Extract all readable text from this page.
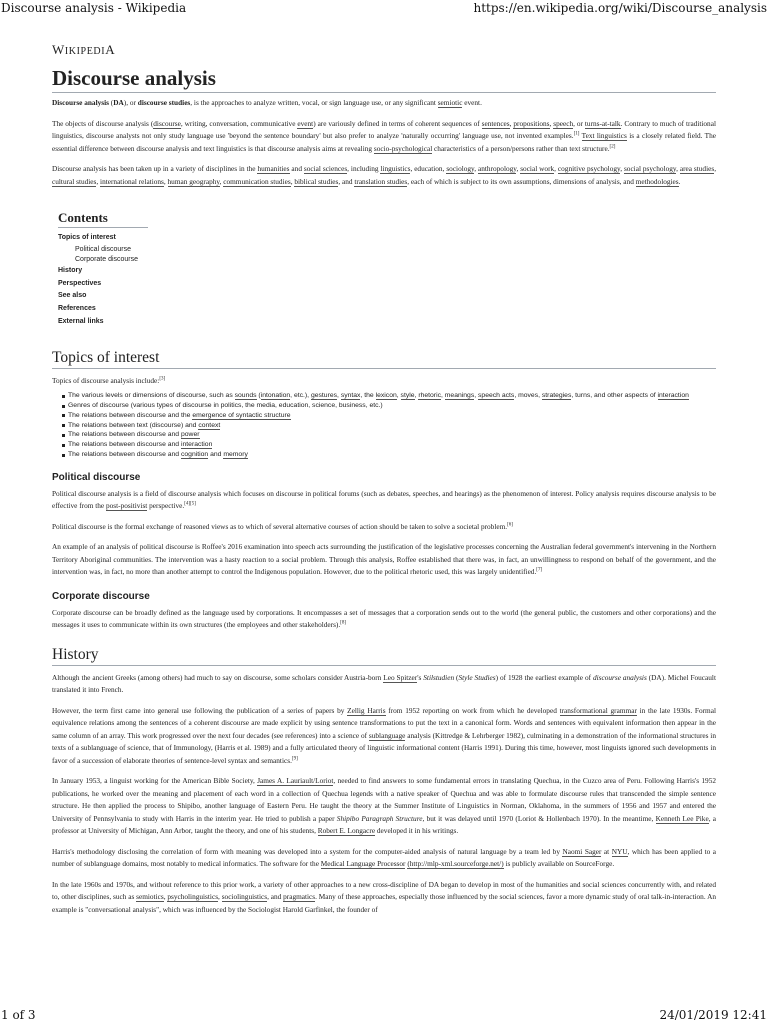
Discourse analysis - Wikipedia	https://en.wikipedia.org/wiki/Discourse_analysis
WIKIPEDIA
Discourse analysis

Discourse analysis (DA), or discourse studies, is the approaches to analyze written, vocal, or sign language use, or any significant semiotic event.

The objects of discourse analysis (discourse, writing, conversation, communicative event) are variously defined in terms of coherent sequences of sentences, propositions, speech, or turns-at-talk. Contrary to much of traditional linguistics, discourse analysts not only study language use 'beyond the sentence boundary' but also prefer to analyze 'naturally occurring' language use, not invented examples.[1] Text linguistics is a closely related field. The essential difference between discourse analysis and text linguistics is that discourse analysis aims at revealing socio-psychological characteristics of a person/persons rather than text structure.[2]

Discourse analysis has been taken up in a variety of disciplines in the humanities and social sciences, including linguistics, education, sociology, anthropology, social work, cognitive psychology, social psychology, area studies, cultural studies, international relations, human geography, communication studies, biblical studies, and translation studies, each of which is subject to its own assumptions, dimensions of analysis, and methodologies.

Contents
Topics of interest
Political discourse
Corporate discourse
History
Perspectives
See also
References
External links
Topics of interest

Topics of discourse analysis include:[3]

The various levels or dimensions of discourse, such as sounds (intonation, etc.), gestures, syntax, the lexicon, style, rhetoric, meanings, speech acts, moves, strategies, turns, and other aspects of interaction
Genres of discourse (various types of discourse in politics, the media, education, science, business, etc.)
The relations between discourse and the emergence of syntactic structure
The relations between text (discourse) and context
The relations between discourse and power
The relations between discourse and interaction
The relations between discourse and cognition and memory
Political discourse

Political discourse analysis is a field of discourse analysis which focuses on discourse in political forums (such as debates, speeches, and hearings) as the phenomenon of interest. Policy analysis requires discourse analysis to be effective from the post-positivist perspective.[4][5]

Political discourse is the formal exchange of reasoned views as to which of several alternative courses of action should be taken to solve a societal problem.[6]

An example of an analysis of political discourse is Roffee's 2016 examination into speech acts surrounding the justification of the legislative processes concerning the Australian federal government's intervening in the Northern Territory Aboriginal communities. The intervention was a hasty reaction to a social problem. Through this analysis, Roffee established that there was, in fact, an unwillingness to respond on behalf of the government, and the intervention was, in fact, no more than another attempt to control the Indigenous population. However, due to the political rhetoric used, this was largely unidentified.[7]

Corporate discourse

Corporate discourse can be broadly defined as the language used by corporations. It encompasses a set of messages that a corporation sends out to the world (the general public, the customers and other corporations) and the messages it uses to communicate within its own structures (the employees and other stakeholders).[8]

History

Although the ancient Greeks (among others) had much to say on discourse, some scholars consider Austria-born Leo Spitzer's Stilstudien (Style Studies) of 1928 the earliest example of discourse analysis (DA). Michel Foucault translated it into French.

However, the term first came into general use following the publication of a series of papers by Zellig Harris from 1952 reporting on work from which he developed transformational grammar in the late 1930s. Formal equivalence relations among the sentences of a coherent discourse are made explicit by using sentence transformations to put the text in a canonical form. Words and sentences with equivalent information then appear in the same column of an array. This work progressed over the next four decades (see references) into a science of sublanguage analysis (Kittredge & Lehrberger 1982), culminating in a demonstration of the informational structures in texts of a sublanguage of science, that of Immunology, (Harris et al. 1989) and a fully articulated theory of linguistic informational content (Harris 1991). During this time, however, most linguists ignored such developments in favor of a succession of elaborate theories of sentence-level syntax and semantics.[9]

In January 1953, a linguist working for the American Bible Society, James A. Lauriault/Loriot, needed to find answers to some fundamental errors in translating Quechua, in the Cuzco area of Peru. Following Harris's 1952 publications, he worked over the meaning and placement of each word in a collection of Quechua legends with a native speaker of Quechua and was able to formulate discourse rules that transcended the simple sentence structure. He then applied the process to Shipibo, another language of Eastern Peru. He taught the theory at the Summer Institute of Linguistics in Norman, Oklahoma, in the summers of 1956 and 1957 and entered the University of Pennsylvania to study with Harris in the interim year. He tried to publish a paper Shipibo Paragraph Structure, but it was delayed until 1970 (Loriot & Hollenbach 1970). In the meantime, Kenneth Lee Pike, a professor at University of Michigan, Ann Arbor, taught the theory, and one of his students, Robert E. Longacre developed it in his writings.

Harris's methodology disclosing the correlation of form with meaning was developed into a system for the computer-aided analysis of natural language by a team led by Naomi Sager at NYU, which has been applied to a number of sublanguage domains, most notably to medical informatics. The software for the Medical Language Processor (http://mlp-xml.sourceforge.net/) is publicly available on SourceForge.

In the late 1960s and 1970s, and without reference to this prior work, a variety of other approaches to a new cross-discipline of DA began to develop in most of the humanities and social sciences concurrently with, and related to, other disciplines, such as semiotics, psycholinguistics, sociolinguistics, and pragmatics. Many of these approaches, especially those influenced by the social sciences, favor a more dynamic study of oral talk-in-interaction. An example is "conversational analysis", which was influenced by the Sociologist Harold Garfinkel, the founder of

1 of 3	24/01/2019 12:41
